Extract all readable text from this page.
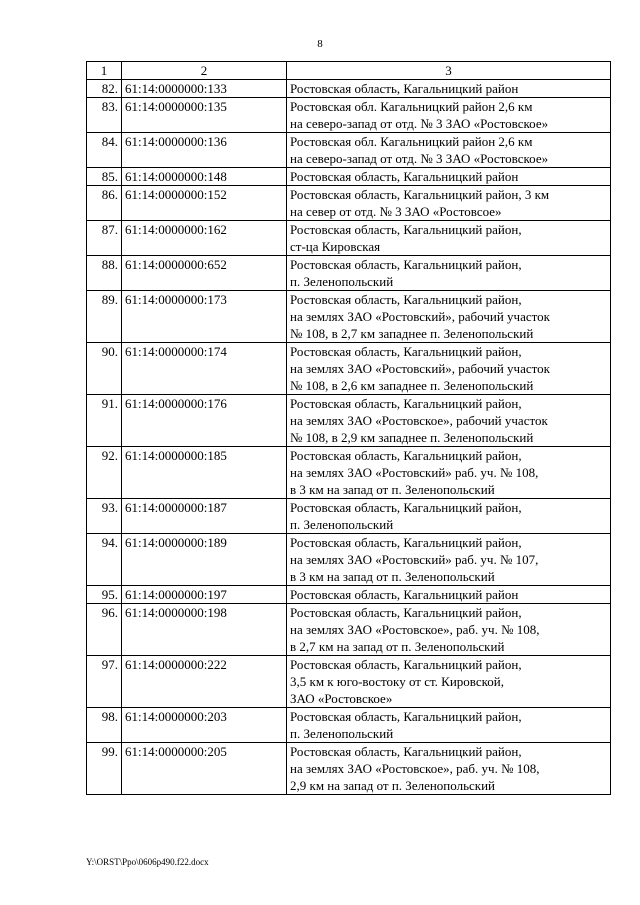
8
1	2	3
82.	61:14:0000000:133	Ростовская область, Кагальницкий район

83.	61:14:0000000:135	Ростовская обл. Кагальницкий район 2,6 км
на северо-запад от отд. № 3 ЗАО «Ростовское»

84.	61:14:0000000:136	Ростовская обл. Кагальницкий район 2,6 км
на северо-запад от отд. № 3 ЗАО «Ростовское»

85.	61:14:0000000:148	Ростовская область, Кагальницкий район

86.	61:14:0000000:152	Ростовская область, Кагальницкий район, 3 км
на север от отд. № 3 ЗАО «Ростовсое»

87.	61:14:0000000:162	Ростовская область, Кагальницкий район,
ст-ца Кировская

88.	61:14:0000000:652	Ростовская область, Кагальницкий район,
п. Зеленопольский

89.	61:14:0000000:173	Ростовская область, Кагальницкий район,
на землях ЗАО «Ростовский», рабочий участок
№ 108, в 2,7 км западнее п. Зеленопольский

90.	61:14:0000000:174	Ростовская область, Кагальницкий район,
на землях ЗАО «Ростовский», рабочий участок
№ 108, в 2,6 км западнее п. Зеленопольский

91.	61:14:0000000:176	Ростовская область, Кагальницкий район,
на землях ЗАО «Ростовское», рабочий участок
№ 108, в 2,9 км западнее п. Зеленопольский

92.	61:14:0000000:185	Ростовская область, Кагальницкий район,
на землях ЗАО «Ростовский» раб. уч. № 108,
в 3 км на запад от п. Зеленопольский

93.	61:14:0000000:187	Ростовская область, Кагальницкий район,
п. Зеленопольский

94.	61:14:0000000:189	Ростовская область, Кагальницкий район,
на землях ЗАО «Ростовский» раб. уч. № 107,
в 3 км на запад от п. Зеленопольский

95.	61:14:0000000:197	Ростовская область, Кагальницкий район

96.	61:14:0000000:198	Ростовская область, Кагальницкий район,
на землях ЗАО «Ростовское», раб. уч. № 108,
в 2,7 км на запад от п. Зеленопольский

97.	61:14:0000000:222	Ростовская область, Кагальницкий район,
3,5 км к юго-востоку от ст. Кировской,
ЗАО «Ростовское»

98.	61:14:0000000:203	Ростовская область, Кагальницкий район,
п. Зеленопольский

99.	61:14:0000000:205	Ростовская область, Кагальницкий район,
на землях ЗАО «Ростовское», раб. уч. № 108,
2,9 км на запад от п. Зеленопольский
Y:\ORST\Ppo\0606p490.f22.docx
